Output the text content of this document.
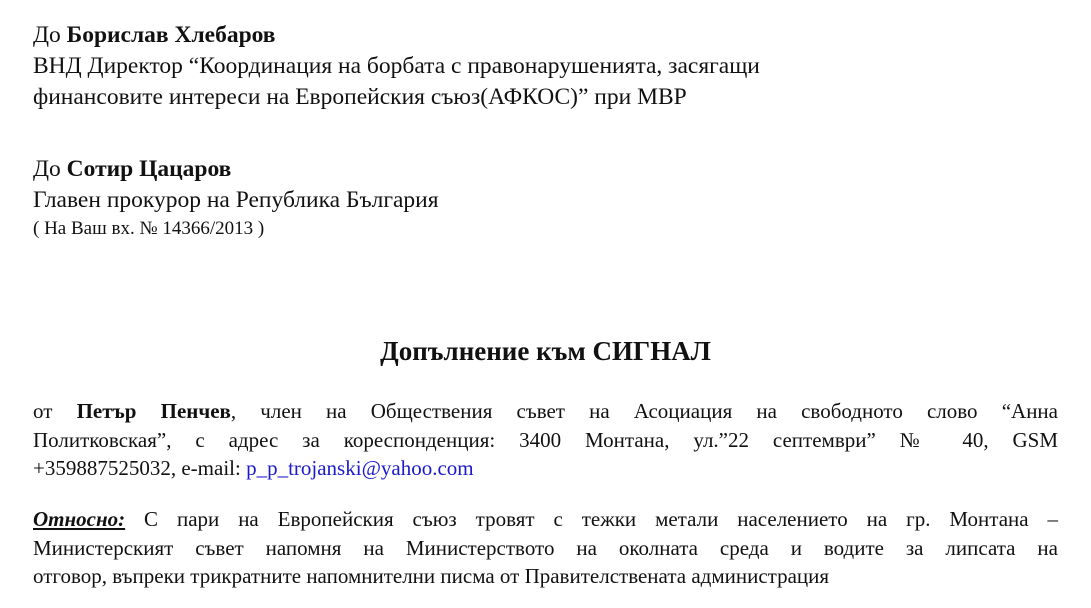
До Борислав Хлебаров
ВНД Директор “Координация на борбата с правонарушенията, засягащи
финансовите интереси на Европейския съюз(АФКОС)” при МВР
До Сотир Цацаров
Главен прокурор на Република България
( На Ваш вх. № 14366/2013 )
Допълнение към СИГНАЛ
от Петър Пенчев, член на Обществения съвет на Асоциация на свободното слово “Анна
Политковская”, с адрес за кореспонденция: 3400 Монтана, ул.”22 септември” № 40, GSM
+359887525032, e-mail: p_p_trojanski@yahoo.com
Относно: С пари на Европейския съюз тровят с тежки метали населението на гр. Монтана –
Министерският съвет напомня на Министерството на околната среда и водите за липсата на
отговор, въпреки трикратните напомнителни писма от Правителствената администрация
